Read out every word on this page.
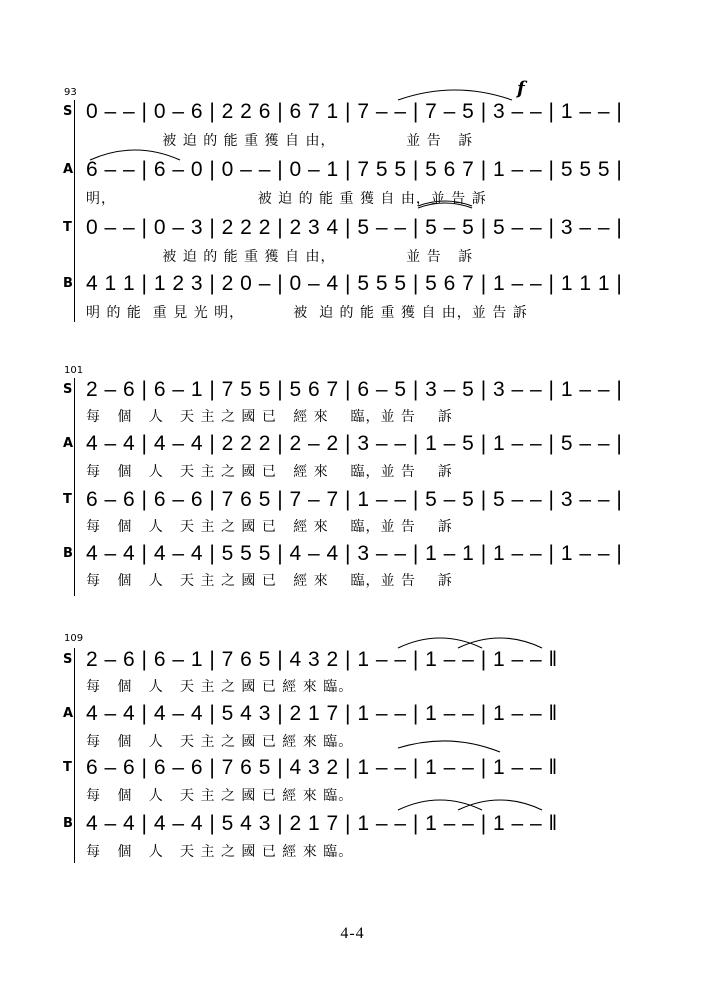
93	f
S 0 – – | 0 – 6 | 2 2 6 | 6 7 1 | 7 – – | 7 – 5 | 3 – – | 1 – – |
被 迫 的 能 重 獲 自 由，             並 告   訴
A 6 – – | 6 – 0 | 0 – – | 0 – 1 | 7 5 5 | 5 6 7 | 1 – – | 5 5 5 |
明，                          被 迫 的 能 重 獲 自 由，並 告 訴
T 0 – – | 0 – 3 | 2 2 2 | 2 3 4 | 5 – – | 5 – 5 | 5 – – | 3 – – |
被 迫 的 能 重 獲 自 由，             並 告   訴
B 4 1 1 | 1 2 3 | 2 0 – | 0 – 4 | 5 5 5 | 5 6 7 | 1 – – | 1 1 1 |
明 的 能  重 見 光 明，         被  迫 的 能 重 獲 自 由，並 告 訴
101
S 2 – 6 | 6 – 1 | 7 5 5 | 5 6 7 | 6 – 5 | 3 – 5 | 3 – – | 1 – – |
每   個   人   天 主 之 國 已   經 來    臨，並 告    訴
A 4 – 4 | 4 – 4 | 2 2 2 | 2 – 2 | 3 – – | 1 – 5 | 1 – – | 5 – – |
每   個   人   天 主 之 國 已   經 來    臨，並 告    訴
T 6 – 6 | 6 – 6 | 7 6 5 | 7 – 7 | 1 – – | 5 – 5 | 5 – – | 3 – – |
每   個   人   天 主 之 國 已   經 來    臨，並 告    訴
B 4 – 4 | 4 – 4 | 5 5 5 | 4 – 4 | 3 – – | 1 – 1 | 1 – – | 1 – – |
每   個   人   天 主 之 國 已   經 來    臨，並 告    訴
109
S 2 – 6 | 6 – 1 | 7 6 5 | 4 3 2 | 1 – – | 1 – – | 1 – – ‖
每   個   人   天 主 之 國 已 經 來 臨。
A 4 – 4 | 4 – 4 | 5 4 3 | 2 1 7 | 1 – – | 1 – – | 1 – – ‖
每   個   人   天 主 之 國 已 經 來 臨。
T 6 – 6 | 6 – 6 | 7 6 5 | 4 3 2 | 1 – – | 1 – – | 1 – – ‖
每   個   人   天 主 之 國 已 經 來 臨。
B 4 – 4 | 4 – 4 | 5 4 3 | 2 1 7 | 1 – – | 1 – – | 1 – – ‖
每   個   人   天 主 之 國 已 經 來 臨。
4-4
